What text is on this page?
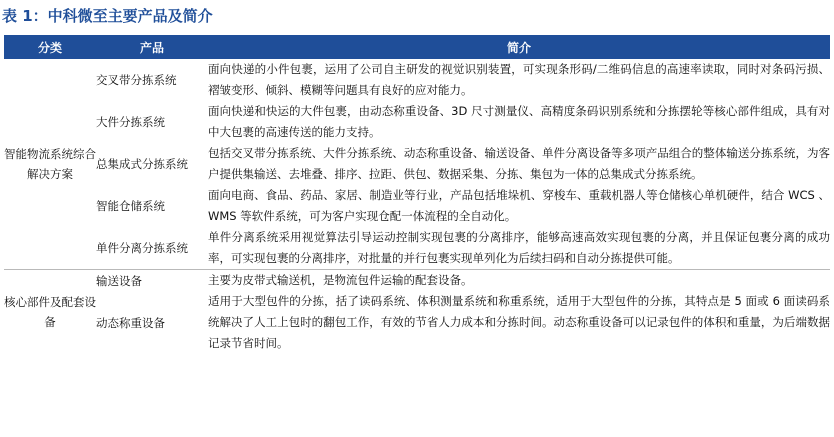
表 1：中科微至主要产品及简介
分类	产品	简介
智能物流系统综合解决方案	交叉带分拣系统	面向快递的小件包裹，运用了公司自主研发的视觉识别装置，可实现条形码/二维码信息的高速率读取，同时对条码污损、褶皱变形、倾斜、模糊等问题具有良好的应对能力。
	大件分拣系统	面向快递和快运的大件包裹，由动态称重设备、3D 尺寸测量仪、高精度条码识别系统和分拣摆轮等核心部件组成，具有对中大包裹的高速传送的能力支持。
	总集成式分拣系统	包括交叉带分拣系统、大件分拣系统、动态称重设备、输送设备、单件分离设备等多项产品组合的整体输送分拣系统，为客户提供集输送、去堆叠、排序、拉距、供包、数据采集、分拣、集包为一体的总集成式分拣系统。
	智能仓储系统	面向电商、食品、药品、家居、制造业等行业，产品包括堆垛机、穿梭车、重载机器人等仓储核心单机硬件，结合 WCS 、 WMS 等软件系统，可为客户实现仓配一体流程的全自动化。
	单件分离分拣系统	单件分离系统采用视觉算法引导运动控制实现包裹的分离排序，能够高速高效实现包裹的分离，并且保证包裹分离的成功率，可实现包裹的分离排序，对批量的并行包裹实现单列化为后续扫码和自动分拣提供可能。
核心部件及配套设备	输送设备	主要为皮带式输送机，是物流包件运输的配套设备。
	动态称重设备	适用于大型包件的分拣，括了读码系统、体积测量系统和称重系统，适用于大型包件的分拣，其特点是 5 面或 6 面读码系统解决了人工上包时的翻包工作，有效的节省人力成本和分拣时间。动态称重设备可以记录包件的体积和重量，为后端数据记录节省时间。
